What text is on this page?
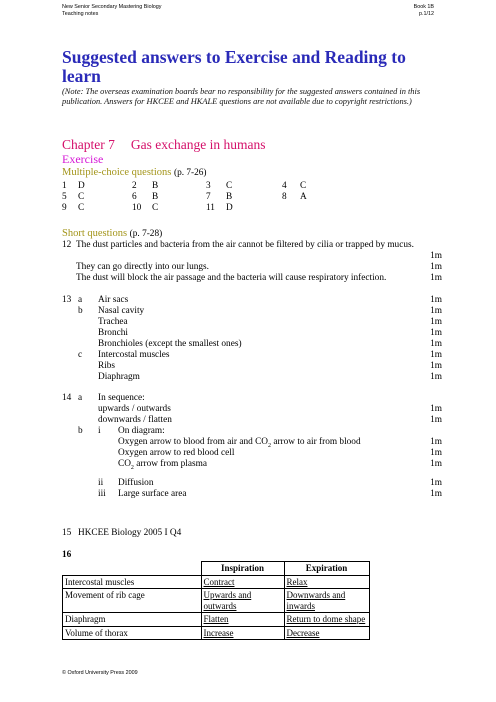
New Senior Secondary Mastering Biology
Teaching notes
Book 1B
p.1/12
Suggested answers to Exercise and Reading to learn
(Note: The overseas examination boards bear no responsibility for the suggested answers contained in this publication. Answers for HKCEE and HKALE questions are not available due to copyright restrictions.)
Chapter 7 Gas exchange in humans
Exercise
Multiple-choice questions (p. 7-26)
1 D	2 B	3 C	4 C
5 C	6 B	7 B	8 A
9 C	10 C	11 D
Short questions (p. 7-28)
12 The dust particles and bacteria from the air cannot be filtered by cilia or trapped by mucus.
1m
They can go directly into our lungs.	1m
The dust will block the air passage and the bacteria will cause respiratory infection.	1m
13 a Air sacs	1m
b Nasal cavity	1m
Trachea	1m
Bronchi	1m
Bronchioles (except the smallest ones)	1m
c Intercostal muscles	1m
Ribs	1m
Diaphragm	1m
14 a In sequence:
upwards / outwards	1m
downwards / flatten	1m
b i On diagram:
Oxygen arrow to blood from air and $CO_2$ arrow to air from blood	1m
Oxygen arrow to red blood cell	1m
$CO_2$ arrow from plasma	1m
ii Diffusion	1m
iii Large surface area	1m
15 HKCEE Biology 2005 I Q4
16
	Inspiration	Expiration
Intercostal muscles	Contract	Relax
Movement of rib cage	Upwards and outwards	Downwards and inwards
Diaphragm	Flatten	Return to dome shape
Volume of thorax	Increase	Decrease
© Oxford University Press 2009
